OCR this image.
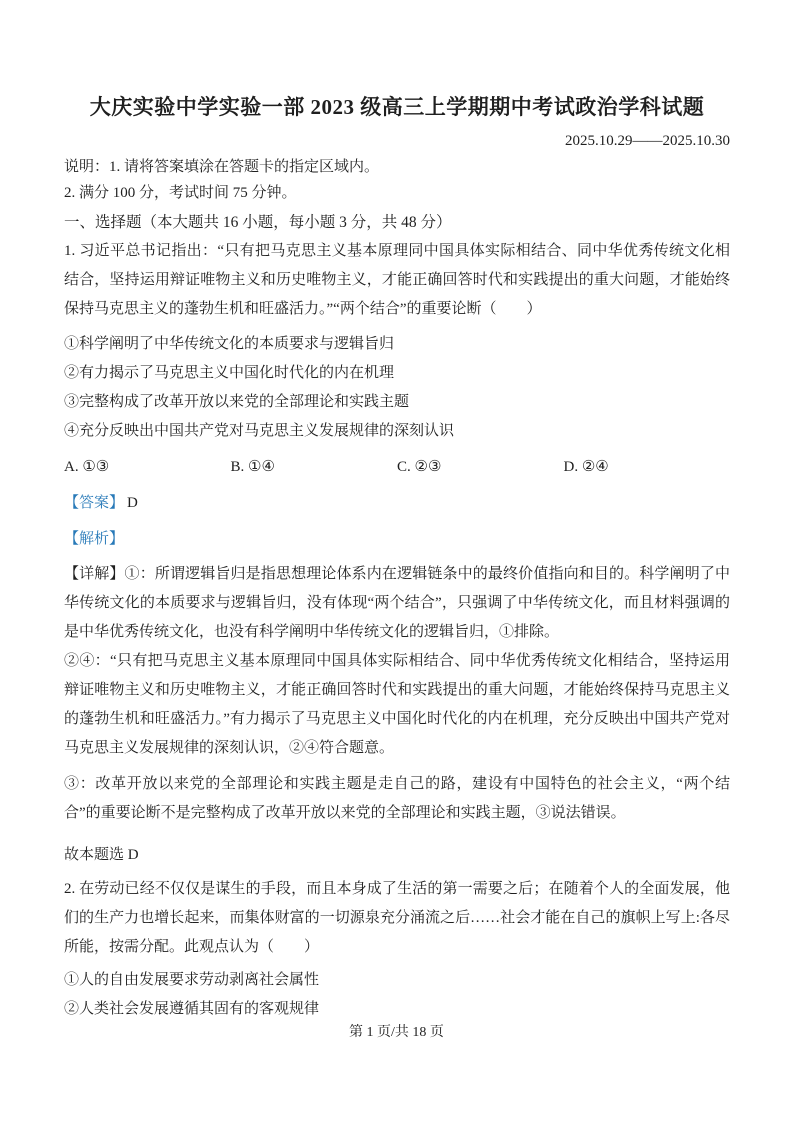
大庆实验中学实验一部 2023 级高三上学期期中考试政治学科试题
2025.10.29——2025.10.30
说明：1. 请将答案填涂在答题卡的指定区域内。
2. 满分 100 分，考试时间 75 分钟。
一、选择题（本大题共 16 小题，每小题 3 分，共 48 分）

1. 习近平总书记指出：“只有把马克思主义基本原理同中国具体实际相结合、同中华优秀传统文化相结合，坚持运用辩证唯物主义和历史唯物主义，才能正确回答时代和实践提出的重大问题，才能始终保持马克思主义的蓬勃生机和旺盛活力。”“两个结合”的重要论断（　　）

①科学阐明了中华传统文化的本质要求与逻辑旨归

②有力揭示了马克思主义中国化时代化的内在机理

③完整构成了改革开放以来党的全部理论和实践主题

④充分反映出中国共产党对马克思主义发展规律的深刻认识

A. ①③	B. ①④	C. ②③	D. ②④

【答案】 D

【解析】

【详解】①：所谓逻辑旨归是指思想理论体系内在逻辑链条中的最终价值指向和目的。科学阐明了中华传统文化的本质要求与逻辑旨归，没有体现“两个结合”，只强调了中华传统文化，而且材料强调的是中华优秀传统文化，也没有科学阐明中华传统文化的逻辑旨归，①排除。

②④：“只有把马克思主义基本原理同中国具体实际相结合、同中华优秀传统文化相结合，坚持运用辩证唯物主义和历史唯物主义，才能正确回答时代和实践提出的重大问题，才能始终保持马克思主义的蓬勃生机和旺盛活力。”有力揭示了马克思主义中国化时代化的内在机理，充分反映出中国共产党对马克思主义发展规律的深刻认识，②④符合题意。

③：改革开放以来党的全部理论和实践主题是走自己的路，建设有中国特色的社会主义，“两个结合”的重要论断不是完整构成了改革开放以来党的全部理论和实践主题，③说法错误。

故本题选 D

2. 在劳动已经不仅仅是谋生的手段，而且本身成了生活的第一需要之后；在随着个人的全面发展，他们的生产力也增长起来，而集体财富的一切源泉充分涌流之后……社会才能在自己的旗帜上写上:各尽所能，按需分配。此观点认为（　　）

①人的自由发展要求劳动剥离社会属性

②人类社会发展遵循其固有的客观规律

第 1 页/共 18 页
